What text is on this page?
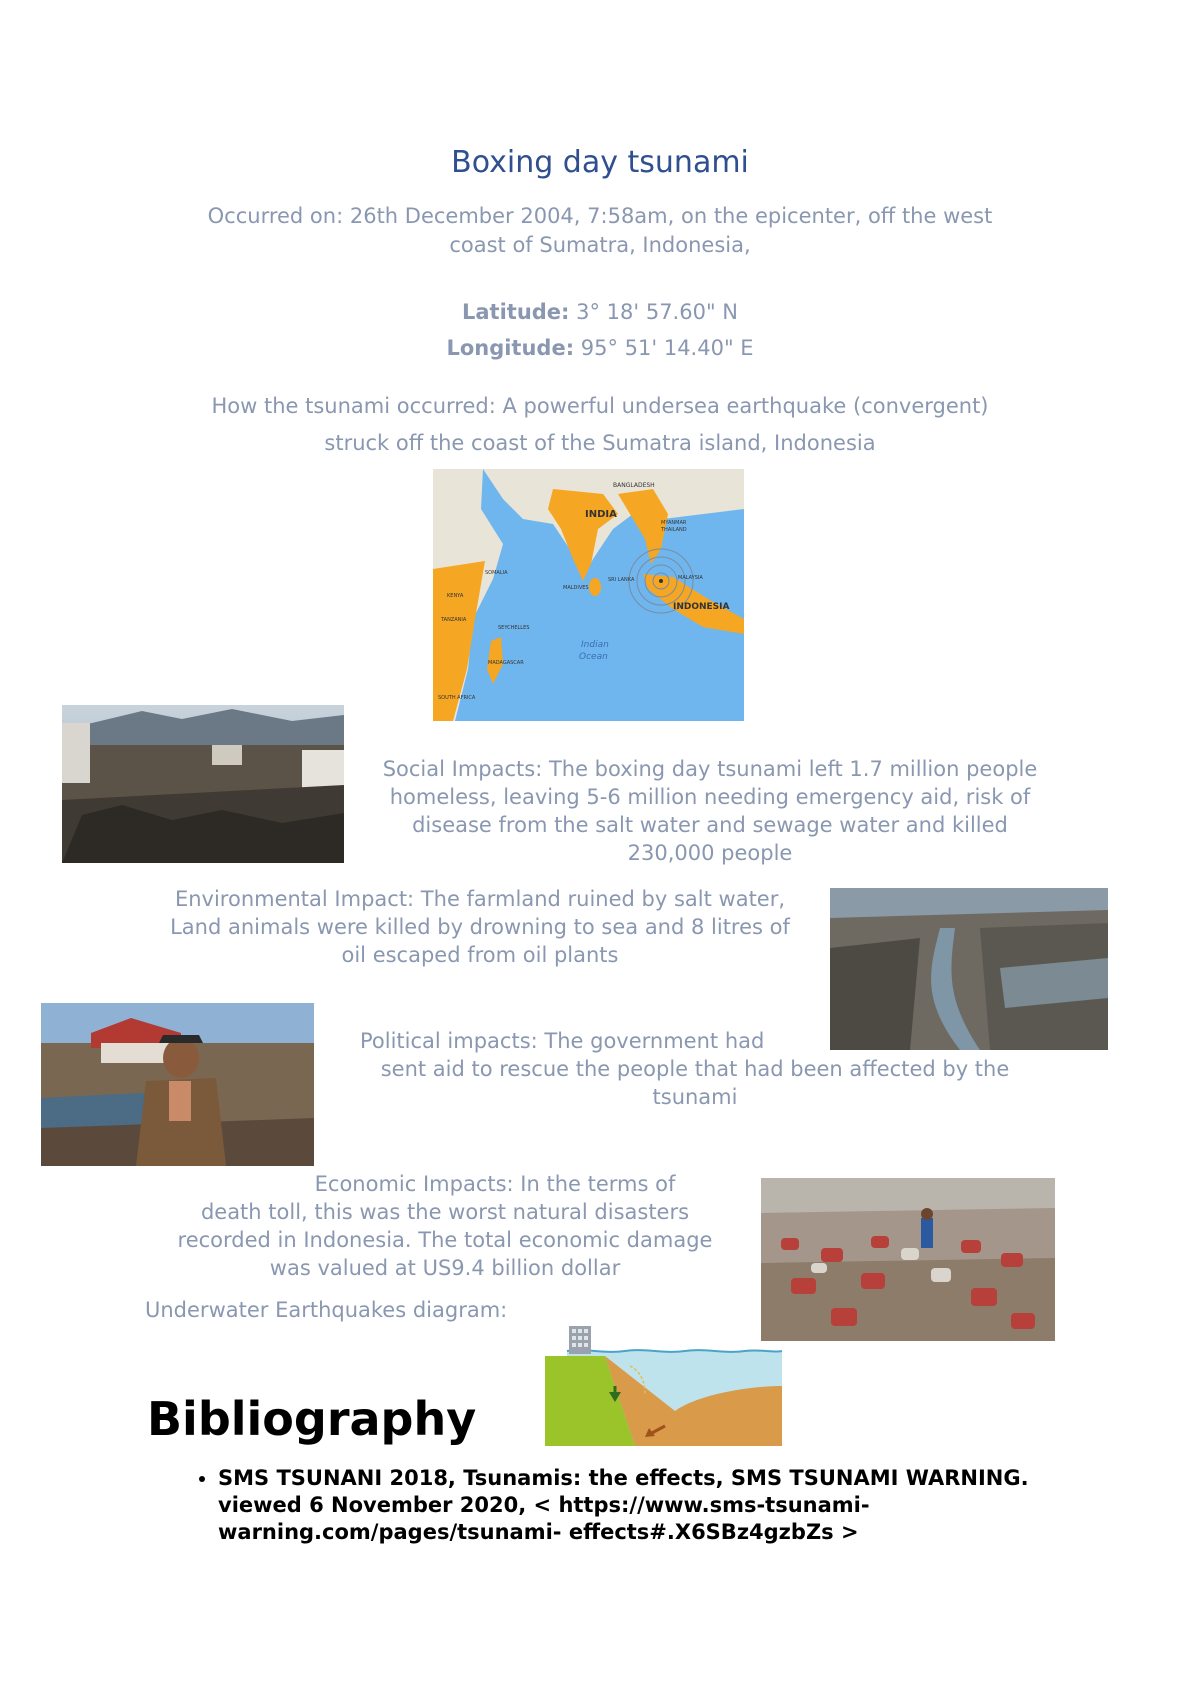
Boxing day tsunami
Occurred on: 26th December 2004, 7:58am, on the epicenter, off the west
coast of Sumatra, Indonesia,
Latitude: 3° 18' 57.60" N
Longitude: 95° 51' 14.40" E
How the tsunami occurred: A powerful undersea earthquake (convergent)
struck off the coast of the Sumatra island, Indonesia
BANGLADESH
INDIA
MYANMAR
THAILAND
SRI LANKA
MALDIVES
MALAYSIA
INDONESIA
SOMALIA
KENYA
TANZANIA
SEYCHELLES
MADAGASCAR
SOUTH AFRICA
Indian
Ocean
Social Impacts: The boxing day tsunami left 1.7 million people
homeless, leaving 5-6 million needing emergency aid, risk of
disease from the salt water and sewage water and killed
230,000 people
Environmental Impact: The farmland ruined by salt water,
Land animals were killed by drowning to sea and 8 litres of
oil escaped from oil plants
Political impacts: The government had
sent aid to rescue the people that had been affected by the
tsunami
Economic Impacts: In the terms of
death toll, this was the worst natural disasters
recorded in Indonesia. The total economic damage
was valued at US9.4 billion dollar
Underwater Earthquakes diagram:
Bibliography
• SMS TSUNANI 2018, Tsunamis: the effects, SMS TSUNAMI WARNING. viewed 6 November 2020, < https://www.sms-tsunami-warning.com/pages/tsunami- effects#.X6SBz4gzbZs >
